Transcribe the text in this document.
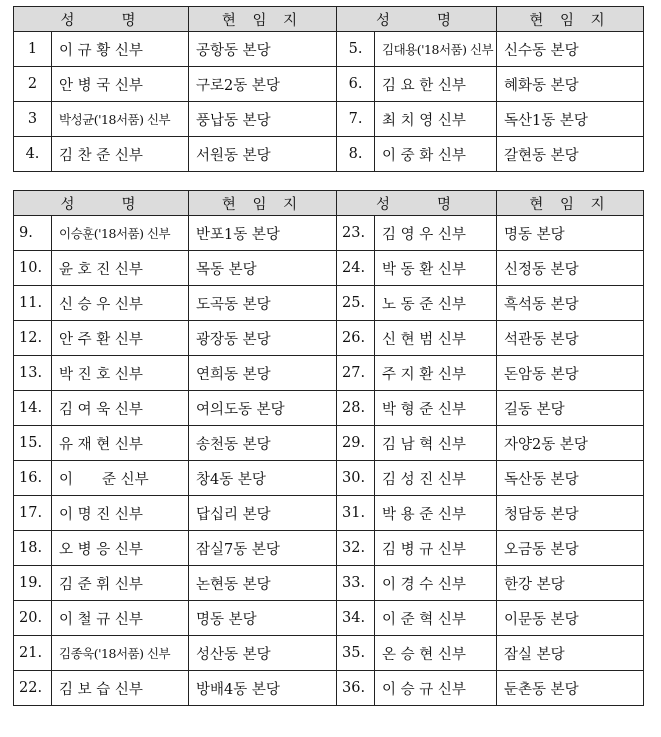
성　　명		현 임 지	성　　명		현 임 지
1	이 규 황 신부	공항동 본당	5.	김대용('18서품) 신부	신수동 본당
2	안 병 국 신부	구로2동 본당	6.	김 요 한 신부	혜화동 본당
3	박성균('18서품) 신부	풍납동 본당	7.	최 치 영 신부	독산1동 본당
4.	김 찬 준 신부	서원동 본당	8.	이 중 화 신부	갈현동 본당
성　　명		현 임 지	성　　명		현 임 지
9.	이승훈('18서품) 신부	반포1동 본당	23.	김 영 우 신부	명동 본당
10.	윤 호 진 신부	목동 본당	24.	박 동 환 신부	신정동 본당
11.	신 승 우 신부	도곡동 본당	25.	노 동 준 신부	흑석동 본당
12.	안 주 환 신부	광장동 본당	26.	신 현 범 신부	석관동 본당
13.	박 진 호 신부	연희동 본당	27.	주 지 환 신부	돈암동 본당
14.	김 여 욱 신부	여의도동 본당	28.	박 형 준 신부	길동 본당
15.	유 재 현 신부	송천동 본당	29.	김 남 혁 신부	자양2동 본당
16.	이　　준 신부	창4동 본당	30.	김 성 진 신부	독산동 본당
17.	이 명 진 신부	답십리 본당	31.	박 용 준 신부	청담동 본당
18.	오 병 응 신부	잠실7동 본당	32.	김 병 규 신부	오금동 본당
19.	김 준 휘 신부	논현동 본당	33.	이 경 수 신부	한강 본당
20.	이 철 규 신부	명동 본당	34.	이 준 혁 신부	이문동 본당
21.	김종욱('18서품) 신부	성산동 본당	35.	온 승 현 신부	잠실 본당
22.	김 보 습 신부	방배4동 본당	36.	이 승 규 신부	둔촌동 본당
